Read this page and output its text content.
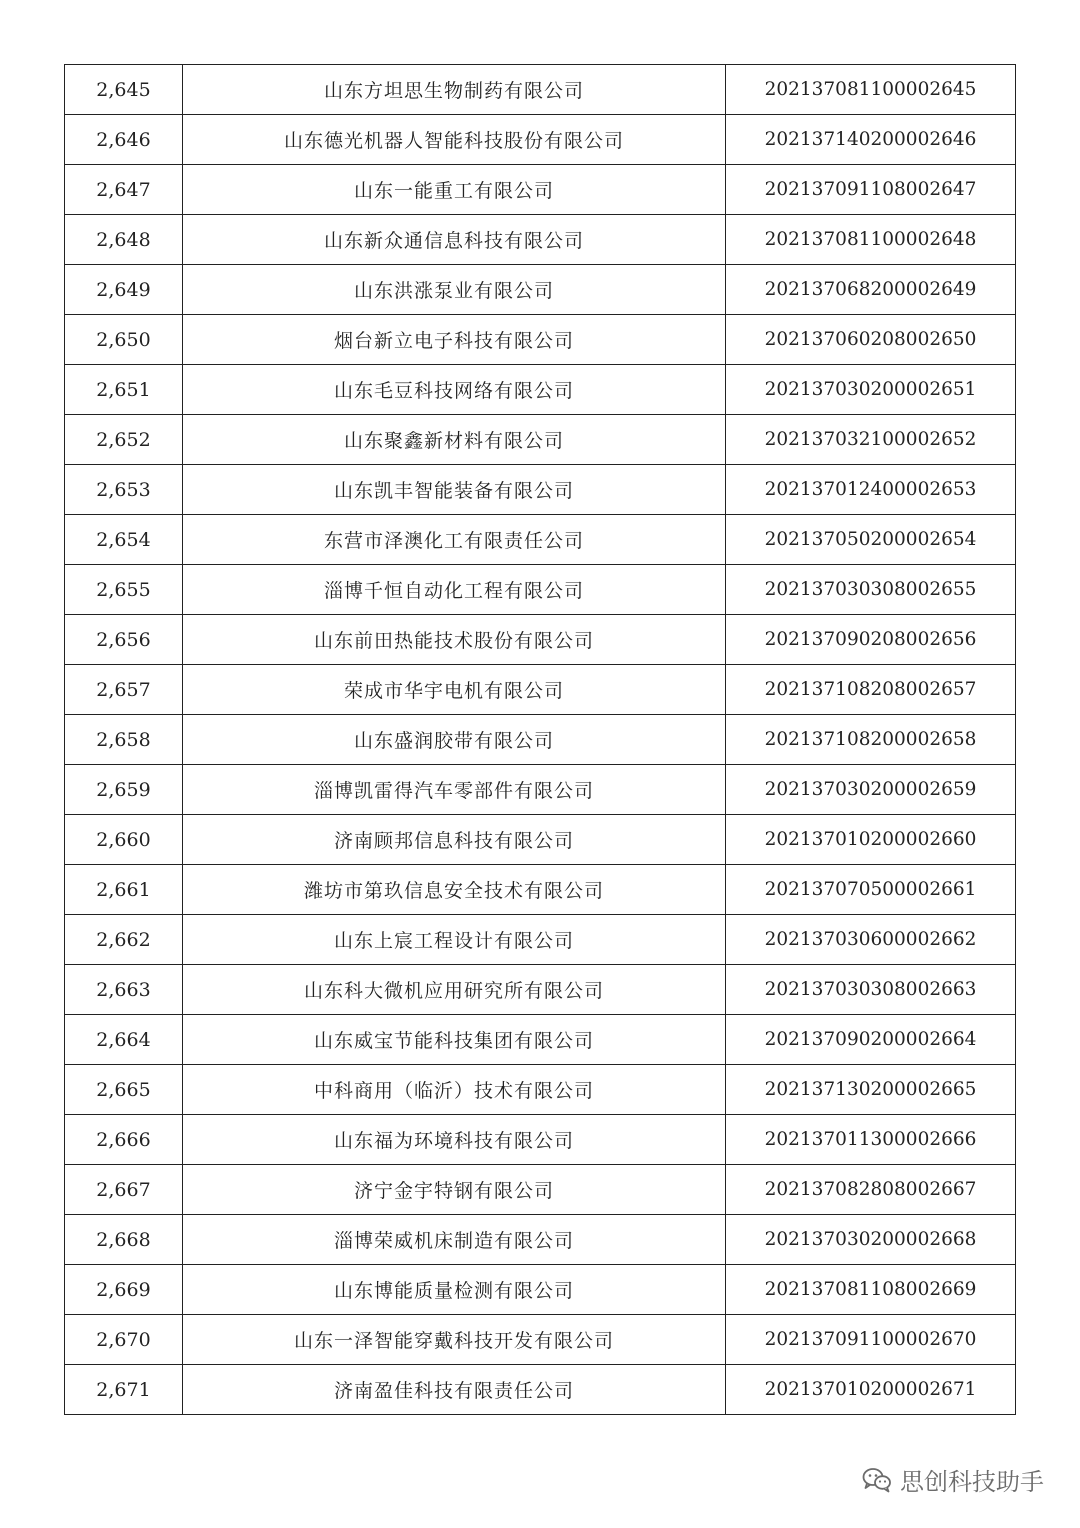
2,645	山东方坦思生物制药有限公司	202137081100002645
2,646	山东德光机器人智能科技股份有限公司	202137140200002646
2,647	山东一能重工有限公司	202137091108002647
2,648	山东新众通信息科技有限公司	202137081100002648
2,649	山东洪涨泵业有限公司	202137068200002649
2,650	烟台新立电子科技有限公司	202137060208002650
2,651	山东毛豆科技网络有限公司	202137030200002651
2,652	山东聚鑫新材料有限公司	202137032100002652
2,653	山东凯丰智能装备有限公司	202137012400002653
2,654	东营市泽澳化工有限责任公司	202137050200002654
2,655	淄博千恒自动化工程有限公司	202137030308002655
2,656	山东前田热能技术股份有限公司	202137090208002656
2,657	荣成市华宇电机有限公司	202137108208002657
2,658	山东盛润胶带有限公司	202137108200002658
2,659	淄博凯雷得汽车零部件有限公司	202137030200002659
2,660	济南顾邦信息科技有限公司	202137010200002660
2,661	潍坊市第玖信息安全技术有限公司	202137070500002661
2,662	山东上宸工程设计有限公司	202137030600002662
2,663	山东科大微机应用研究所有限公司	202137030308002663
2,664	山东威宝节能科技集团有限公司	202137090200002664
2,665	中科商用（临沂）技术有限公司	202137130200002665
2,666	山东福为环境科技有限公司	202137011300002666
2,667	济宁金宇特钢有限公司	202137082808002667
2,668	淄博荣威机床制造有限公司	202137030200002668
2,669	山东博能质量检测有限公司	202137081108002669
2,670	山东一泽智能穿戴科技开发有限公司	202137091100002670
2,671	济南盈佳科技有限责任公司	202137010200002671
思创科技助手
